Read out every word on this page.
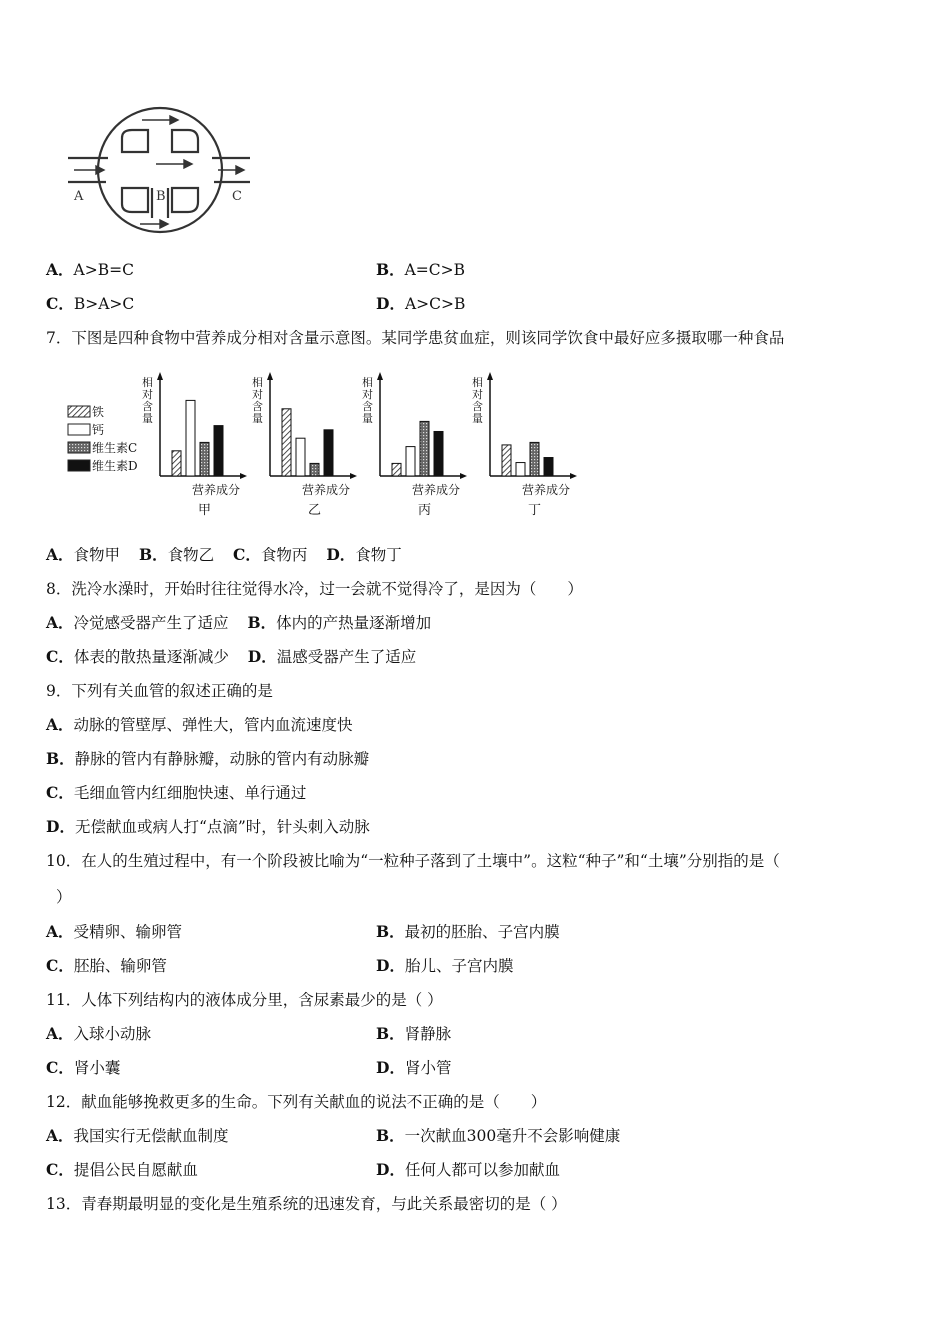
A	B	C
A．A>B=C	B．A=C>B
C．B>A>C	D．A>C>B
7．下图是四种食物中营养成分相对含量示意图。某同学患贫血症，则该同学饮食中最好应多摄取哪一种食品
铁
钙
维生素C
维生素D
相
对
含
量
营养成分
甲
相
对
含
量
营养成分
乙
相
对
含
量
营养成分
丙
相
对
含
量
营养成分
丁
A．食物甲 B．食物乙 C．食物丙 D．食物丁
8．洗冷水澡时，开始时往往觉得水冷，过一会就不觉得冷了，是因为（　　）
A．冷觉感受器产生了适应 B．体内的产热量逐渐增加
C．体表的散热量逐渐减少 D．温感受器产生了适应
9．下列有关血管的叙述正确的是
A．动脉的管壁厚、弹性大，管内血流速度快
B．静脉的管内有静脉瓣，动脉的管内有动脉瓣
C．毛细血管内红细胞快速、单行通过
D．无偿献血或病人打“点滴”时，针头刺入动脉
10．在人的生殖过程中，有一个阶段被比喻为“一粒种子落到了土壤中”。这粒“种子”和“土壤”分别指的是（
）
A．受精卵、输卵管	B．最初的胚胎、子宫内膜
C．胚胎、输卵管	D．胎儿、子宫内膜
11．人体下列结构内的液体成分里，含尿素最少的是（ ）
A．入球小动脉	B．肾静脉
C．肾小囊	D．肾小管
12．献血能够挽救更多的生命。下列有关献血的说法不正确的是（　　）
A．我国实行无偿献血制度	B．一次献血300毫升不会影响健康
C．提倡公民自愿献血	D．任何人都可以参加献血
13．青春期最明显的变化是生殖系统的迅速发育，与此关系最密切的是（ ）
